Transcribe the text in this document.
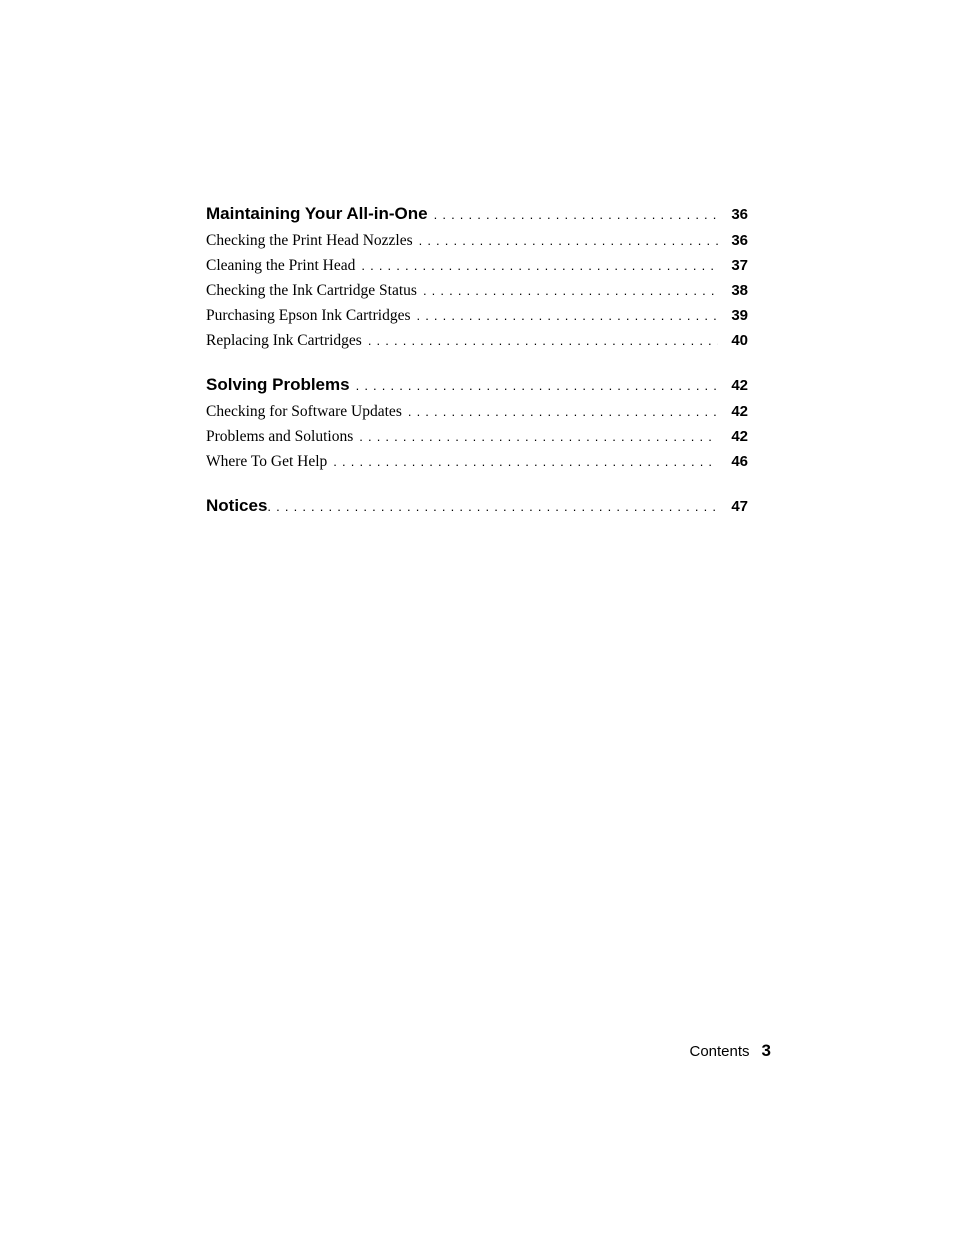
Maintaining Your All-in-One . . .	36
Checking the Print Head Nozzles . . .	36
Cleaning the Print Head . . .	37
Checking the Ink Cartridge Status . . .	38
Purchasing Epson Ink Cartridges . . .	39
Replacing Ink Cartridges . . .	40
Solving Problems . . .	42
Checking for Software Updates . . .	42
Problems and Solutions . . .	42
Where To Get Help . . .	46
Notices . . .	47
Contents 3
